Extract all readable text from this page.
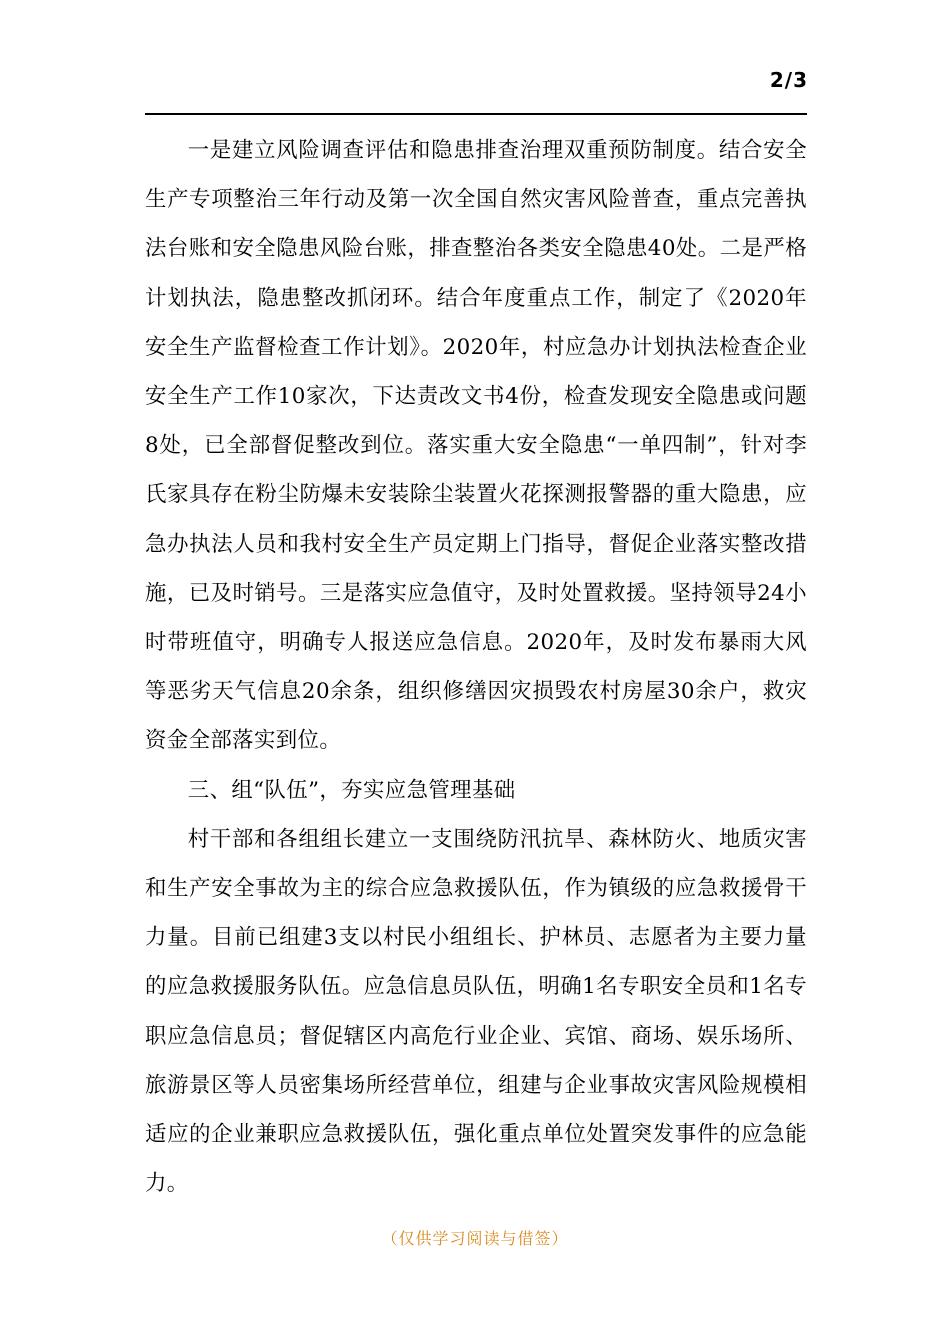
2/3

一是建立风险调查评估和隐患排查治理双重预防制度。结合安全生产专项整治三年行动及第一次全国自然灾害风险普查，重点完善执法台账和安全隐患风险台账，排查整治各类安全隐患40处。二是严格计划执法，隐患整改抓闭环。结合年度重点工作，制定了《2020年安全生产监督检查工作计划》。2020年，村应急办计划执法检查企业安全生产工作10家次，下达责改文书4份，检查发现安全隐患或问题8处，已全部督促整改到位。落实重大安全隐患“一单四制”，针对李氏家具存在粉尘防爆未安装除尘装置火花探测报警器的重大隐患，应急办执法人员和我村安全生产员定期上门指导，督促企业落实整改措施，已及时销号。三是落实应急值守，及时处置救援。坚持领导24小时带班值守，明确专人报送应急信息。2020年，及时发布暴雨大风等恶劣天气信息20余条，组织修缮因灾损毁农村房屋30余户，救灾资金全部落实到位。

三、组“队伍”，夯实应急管理基础

村干部和各组组长建立一支围绕防汛抗旱、森林防火、地质灾害和生产安全事故为主的综合应急救援队伍，作为镇级的应急救援骨干力量。目前已组建3支以村民小组组长、护林员、志愿者为主要力量的应急救援服务队伍。应急信息员队伍，明确1名专职安全员和1名专职应急信息员；督促辖区内高危行业企业、宾馆、商场、娱乐场所、旅游景区等人员密集场所经营单位，组建与企业事故灾害风险规模相适应的企业兼职应急救援队伍，强化重点单位处置突发事件的应急能力。

（仅供学习阅读与借签）
